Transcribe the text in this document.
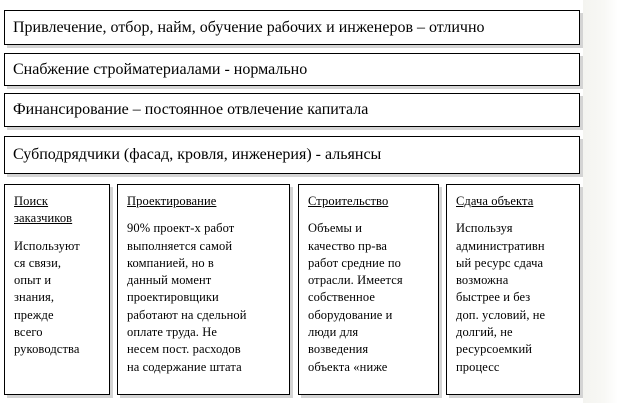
Привлечение, отбор, найм, обучение рабочих и инженеров – отлично
Снабжение стройматериалами - нормально
Финансирование – постоянное отвлечение капитала
Субподрядчики (фасад, кровля, инженерия) - альянсы
Поиск
заказчиков
Используют
ся связи,
опыт и
знания,
прежде
всего
руководства
Проектирование
90% проект-х работ
выполняется самой
компанией, но в
данный момент
проектировщики
работают на сдельной
оплате труда. Не
несем пост. расходов
на содержание штата
Строительство
Объемы и
качество пр-ва
работ средние по
отрасли. Имеется
собственное
оборудование и
люди для
возведения
объекта «ниже
Сдача объекта
Используя
административн
ый ресурс сдача
возможна
быстрее и без
доп. условий, не
долгий, не
ресурсоемкий
процесс
